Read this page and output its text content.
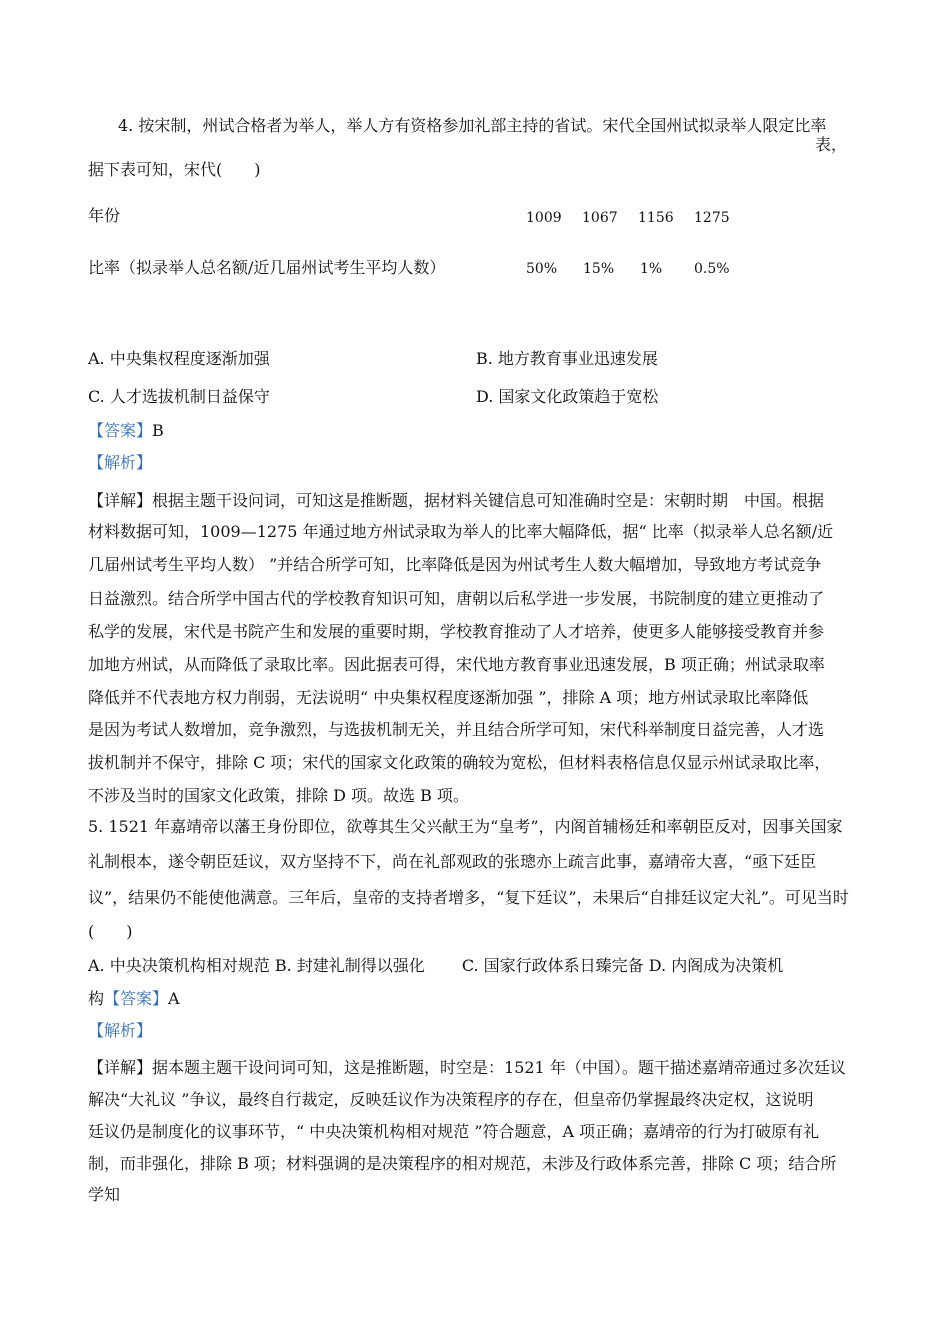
4. 按宋制，州试合格者为举人，举人方有资格参加礼部主持的省试。宋代全国州试拟录举人限定比率
表，
据下表可知，宋代(　　)
年份	1009 1067 1156 1275
比率（拟录举人总名额/近几届州试考生平均人数）	50% 15% 1% 0.5%
A. 中央集权程度逐渐加强	B. 地方教育事业迅速发展
C. 人才选拔机制日益保守	D. 国家文化政策趋于宽松
【答案】B
【解析】
【详解】根据主题干设问词，可知这是推断题，据材料关键信息可知准确时空是：宋朝时期　中国。根据
材料数据可知，1009—1275 年通过地方州试录取为举人的比率大幅降低，据“ 比率（拟录举人总名额/近
几届州试考生平均人数） ”并结合所学可知，比率降低是因为州试考生人数大幅增加，导致地方考试竞争
日益激烈。结合所学中国古代的学校教育知识可知，唐朝以后私学进一步发展，书院制度的建立更推动了
私学的发展，宋代是书院产生和发展的重要时期，学校教育推动了人才培养，使更多人能够接受教育并参
加地方州试，从而降低了录取比率。因此据表可得，宋代地方教育事业迅速发展，B 项正确；州试录取率
降低并不代表地方权力削弱，无法说明“ 中央集权程度逐渐加强 ”，排除 A 项；地方州试录取比率降低
是因为考试人数增加，竞争激烈，与选拔机制无关，并且结合所学可知，宋代科举制度日益完善，人才选
拔机制并不保守，排除 C 项；宋代的国家文化政策的确较为宽松，但材料表格信息仅显示州试录取比率，
不涉及当时的国家文化政策，排除 D 项。故选 B 项。
5. 1521 年嘉靖帝以藩王身份即位，欲尊其生父兴献王为“皇考”，内阁首辅杨廷和率朝臣反对，因事关国家
礼制根本，遂令朝臣廷议，双方坚持不下，尚在礼部观政的张璁亦上疏言此事，嘉靖帝大喜，“亟下廷臣
议”，结果仍不能使他满意。三年后，皇帝的支持者增多，“复下廷议”，未果后“自排廷议定大礼”。可见当时
(　　)
A. 中央决策机构相对规范 B. 封建礼制得以强化　　 C. 国家行政体系日臻完备 D. 内阁成为决策机
构【答案】A
【解析】
【详解】据本题主题干设问词可知，这是推断题，时空是：1521 年（中国）。题干描述嘉靖帝通过多次廷议
解决“大礼议 ”争议，最终自行裁定，反映廷议作为决策程序的存在，但皇帝仍掌握最终决定权，这说明
廷议仍是制度化的议事环节，“ 中央决策机构相对规范 ”符合题意，A 项正确；嘉靖帝的行为打破原有礼
制，而非强化，排除 B 项；材料强调的是决策程序的相对规范，未涉及行政体系完善，排除 C 项；结合所
学知
